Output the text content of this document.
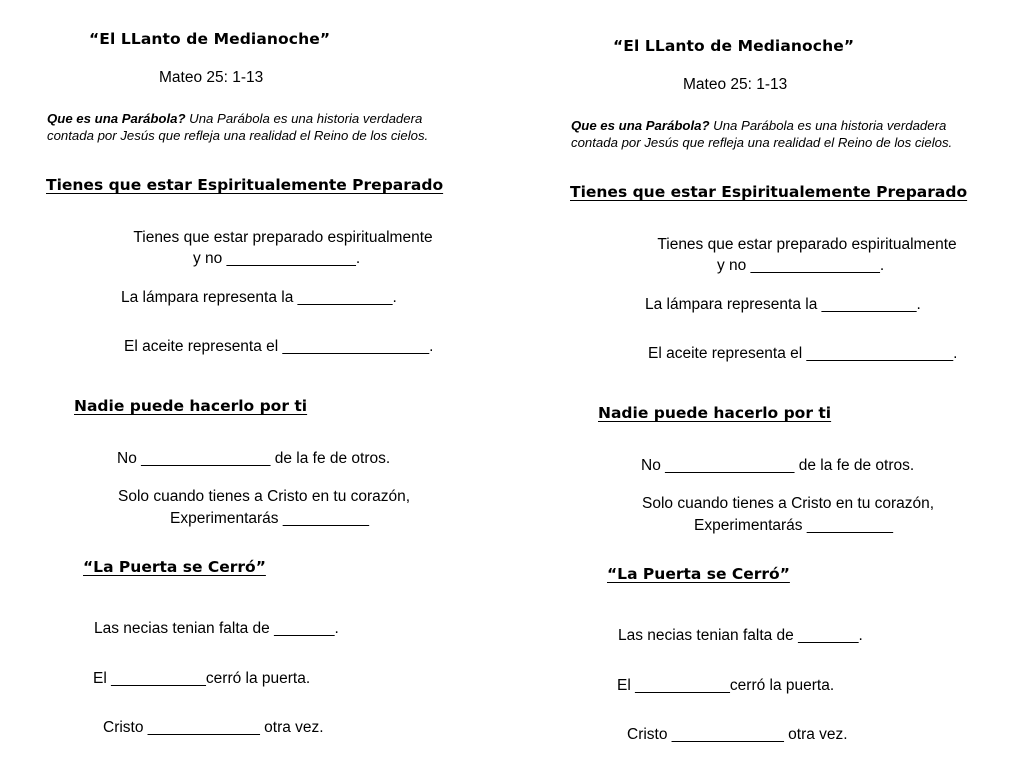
“El LLanto de Medianoche”
Mateo 25: 1-13
Que es una Parábola? Una Parábola es una historia verdadera
contada por Jesús que refleja una realidad el Reino de los cielos.
Tienes que estar Espiritualemente Preparado
Tienes que estar preparado espiritualmente
y no _______________.
La lámpara representa la ___________.
El aceite representa el _________________.
Nadie puede hacerlo por ti
No _______________ de la fe de otros.
Solo cuando tienes a Cristo en tu corazón,
Experimentarás __________
“La Puerta se Cerró”
Las necias tenian falta de _______.
El ___________cerró la puerta.
Cristo _____________ otra vez.
“El LLanto de Medianoche”
Mateo 25: 1-13
Que es una Parábola? Una Parábola es una historia verdadera
contada por Jesús que refleja una realidad el Reino de los cielos.
Tienes que estar Espiritualemente Preparado
Tienes que estar preparado espiritualmente
y no _______________.
La lámpara representa la ___________.
El aceite representa el _________________.
Nadie puede hacerlo por ti
No _______________ de la fe de otros.
Solo cuando tienes a Cristo en tu corazón,
Experimentarás __________
“La Puerta se Cerró”
Las necias tenian falta de _______.
El ___________cerró la puerta.
Cristo _____________ otra vez.
